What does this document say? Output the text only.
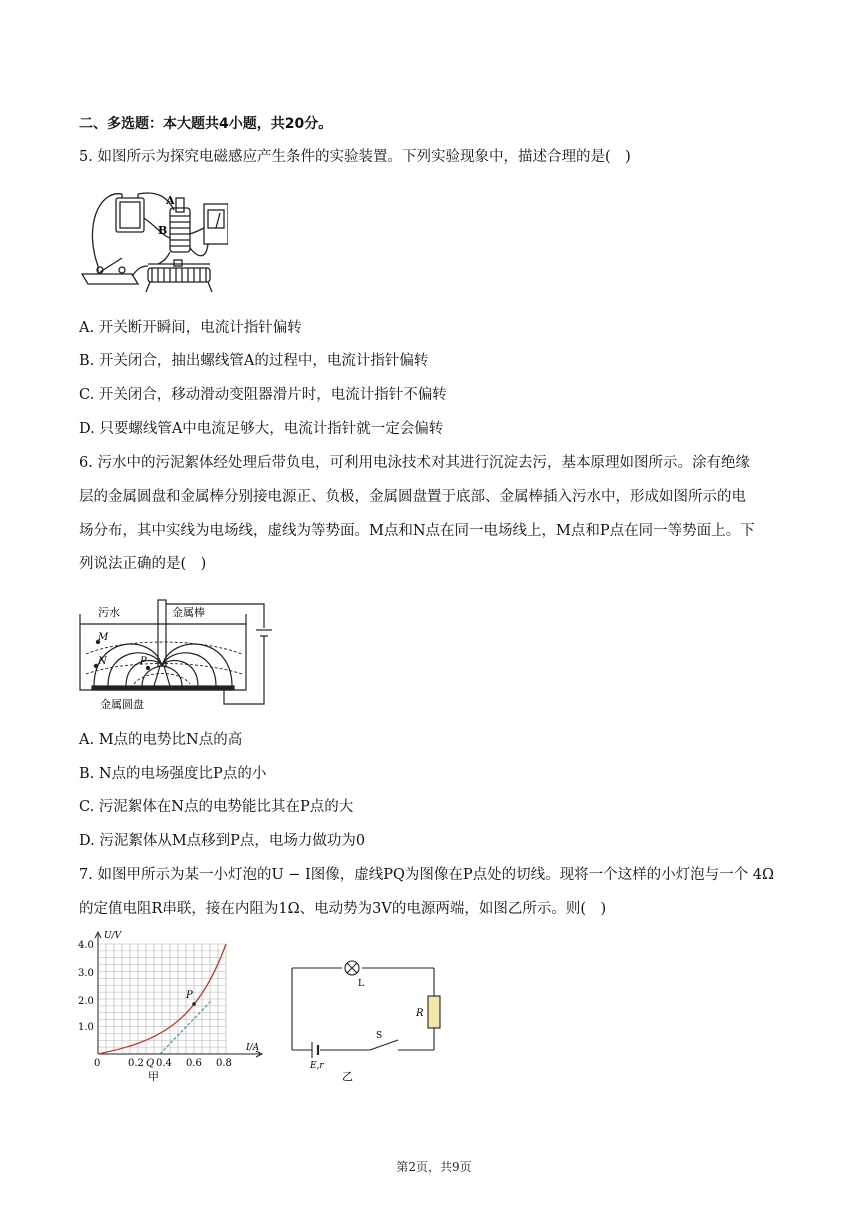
二、多选题：本大题共4小题，共20分。
5. 如图所示为探究电磁感应产生条件的实验装置。下列实验现象中，描述合理的是(　)
A
B
A. 开关断开瞬间，电流计指针偏转
B. 开关闭合，抽出螺线管A的过程中，电流计指针偏转
C. 开关闭合，移动滑动变阻器滑片时，电流计指针不偏转
D. 只要螺线管A中电流足够大，电流计指针就一定会偏转
6. 污水中的污泥絮体经处理后带负电，可利用电泳技术对其进行沉淀去污，基本原理如图所示。涂有绝缘
层的金属圆盘和金属棒分别接电源正、负极，金属圆盘置于底部、金属棒插入污水中，形成如图所示的电
场分布，其中实线为电场线，虚线为等势面。M点和N点在同一电场线上，M点和P点在同一等势面上。下
列说法正确的是(　)
污水	金属棒
金属圆盘
M
N	P
A. M点的电势比N点的高
B. N点的电场强度比P点的小
C. 污泥絮体在N点的电势能比其在P点的大
D. 污泥絮体从M点移到P点，电场力做功为0
7. 如图甲所示为某一小灯泡的U − I图像，虚线PQ为图像在P点处的切线。现将一个这样的小灯泡与一个 4Ω
的定值电阻R串联，接在内阻为1Ω、电动势为3V的电源两端，如图乙所示。则(　)
U/V
I/A
4.0
3.0
2.0
1.0
0	0.2 0.4 0.6 0.8
Q
P
甲
L
R
S
E,r
乙
第2页，共9页
